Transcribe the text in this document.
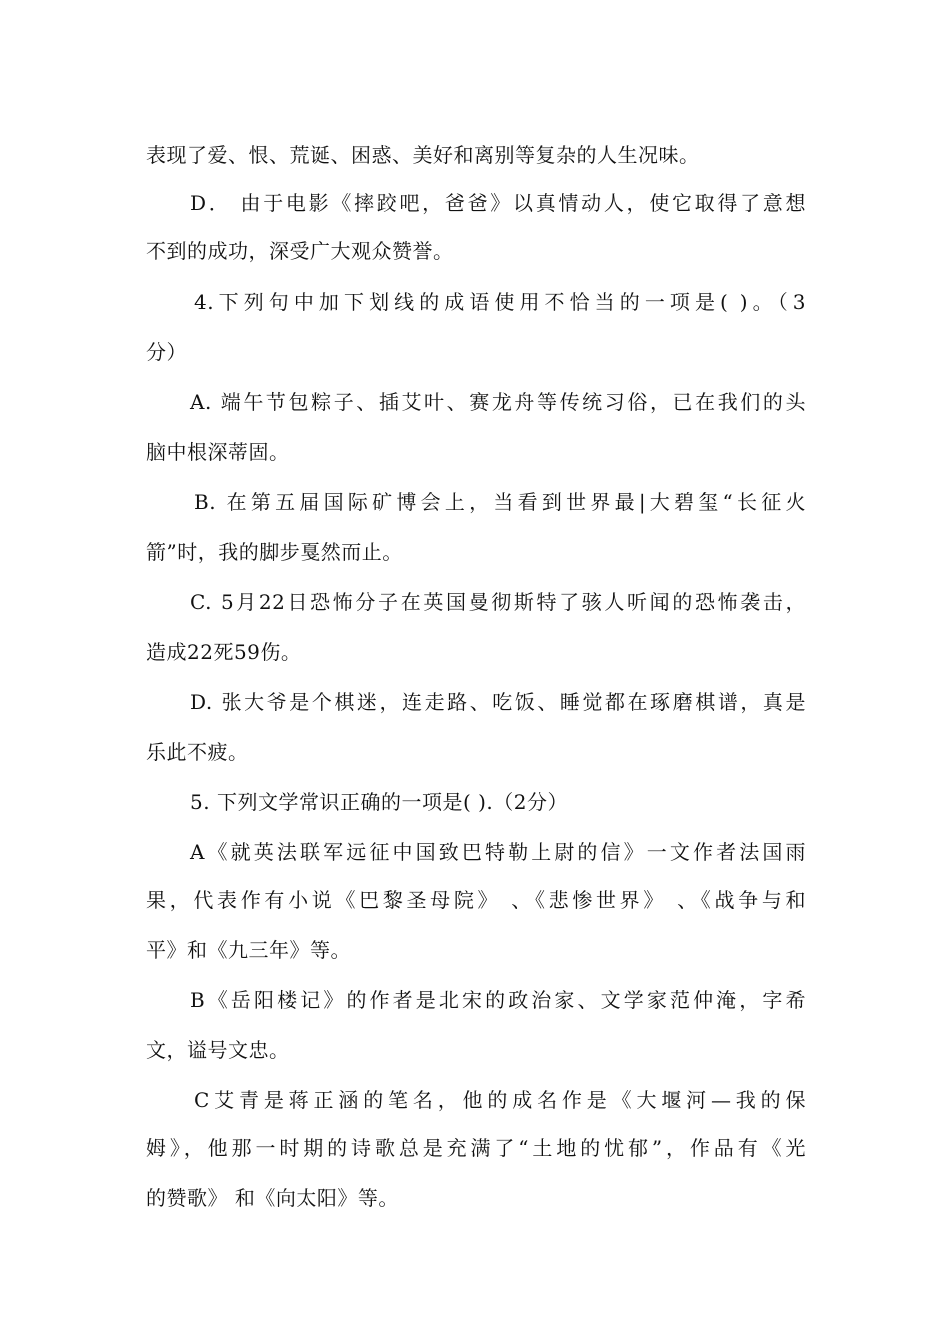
表现了爱、恨、荒诞、困惑、美好和离别等复杂的人生况味。
D． 由于电影《摔跤吧，爸爸》以真情动人，使它取得了意想
不到的成功，深受广大观众赞誉。
4.下列句中加下划线的成语使用不恰当的一项是( )。（3
分）
A. 端午节包粽子、插艾叶、赛龙舟等传统习俗，已在我们的头
脑中根深蒂固。
B. 在第五届国际矿博会上，当看到世界最|大碧玺“长征火
箭”时，我的脚步戛然而止。
C. 5月22日恐怖分子在英国曼彻斯特了骇人听闻的恐怖袭击，
造成22死59伤。
D. 张大爷是个棋迷，连走路、吃饭、睡觉都在琢磨棋谱，真是
乐此不疲。
5. 下列文学常识正确的一项是( ).（2分）
A《就英法联军远征中国致巴特勒上尉的信》一文作者法国雨
果，代表作有小说《巴黎圣母院》 、《悲惨世界》 、《战争与和
平》和《九三年》等。
B《岳阳楼记》的作者是北宋的政治家、文学家范仲淹，字希
文，谥号文忠。
C艾青是蒋正涵的笔名，他的成名作是《大堰河—我的保
姆》，他那一时期的诗歌总是充满了“土地的忧郁”，作品有《光
的赞歌》 和《向太阳》等。
